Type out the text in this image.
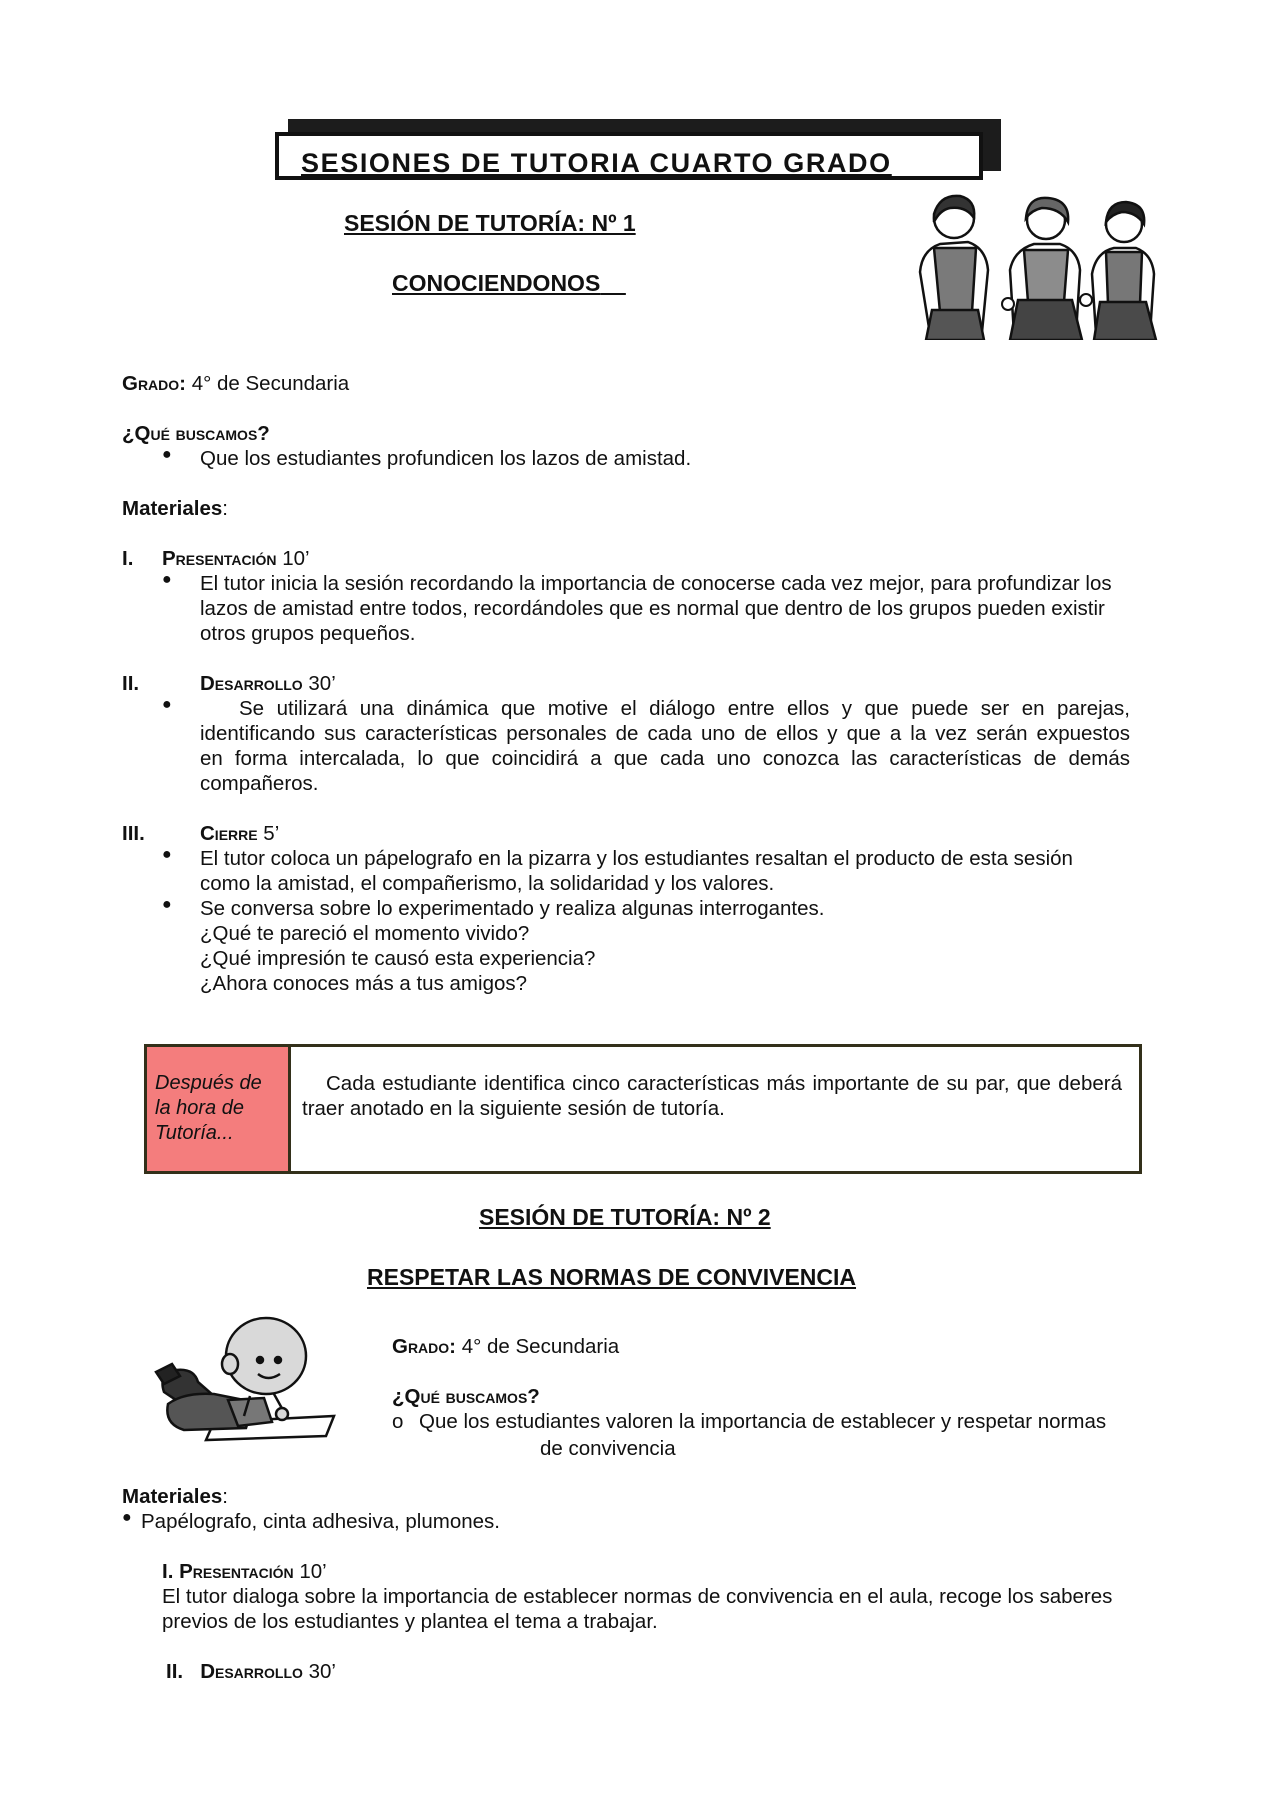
SESIONES DE TUTORIA CUARTO GRADO
SESIÓN DE TUTORÍA: Nº 1
CONOCIENDONOS
Grado: 4° de Secundaria
¿Qué buscamos?
● Que los estudiantes profundicen los lazos de amistad.
Materiales:
I. Presentación 10’
● El tutor inicia la sesión recordando la importancia de conocerse cada vez mejor, para profundizar los
lazos de amistad entre todos, recordándoles que es normal que dentro de los grupos pueden existir
otros grupos pequeños.
II.	Desarrollo 30’
●	Se utilizará una dinámica que motive el diálogo entre ellos y que puede ser en parejas,
identificando sus características personales de cada uno de ellos y que a la vez serán expuestos
en forma intercalada, lo que coincidirá a que cada uno conozca las características de demás
compañeros.
III.	Cierre 5’
● El tutor coloca un pápelografo en la pizarra y los estudiantes resaltan el producto de esta sesión
como la amistad, el compañerismo, la solidaridad y los valores.
● Se conversa sobre lo experimentado y realiza algunas interrogantes.
¿Qué te pareció el momento vivido?
¿Qué impresión te causó esta experiencia?
¿Ahora conoces más a tus amigos?
Después de
la hora de
Tutoría...
Cada estudiante identifica cinco características más importante de su par, que deberá traer anotado en la siguiente sesión de tutoría.
SESIÓN DE TUTORÍA: Nº 2
RESPETAR LAS NORMAS DE CONVIVENCIA
Grado: 4° de Secundaria
¿Qué buscamos?
o Que los estudiantes valoren la importancia de establecer y respetar normas
de convivencia
Materiales:
● Papélografo, cinta adhesiva, plumones.
I. Presentación 10’
El tutor dialoga sobre la importancia de establecer normas de convivencia en el aula, recoge los saberes
previos de los estudiantes y plantea el tema a trabajar.
II. Desarrollo 30’
